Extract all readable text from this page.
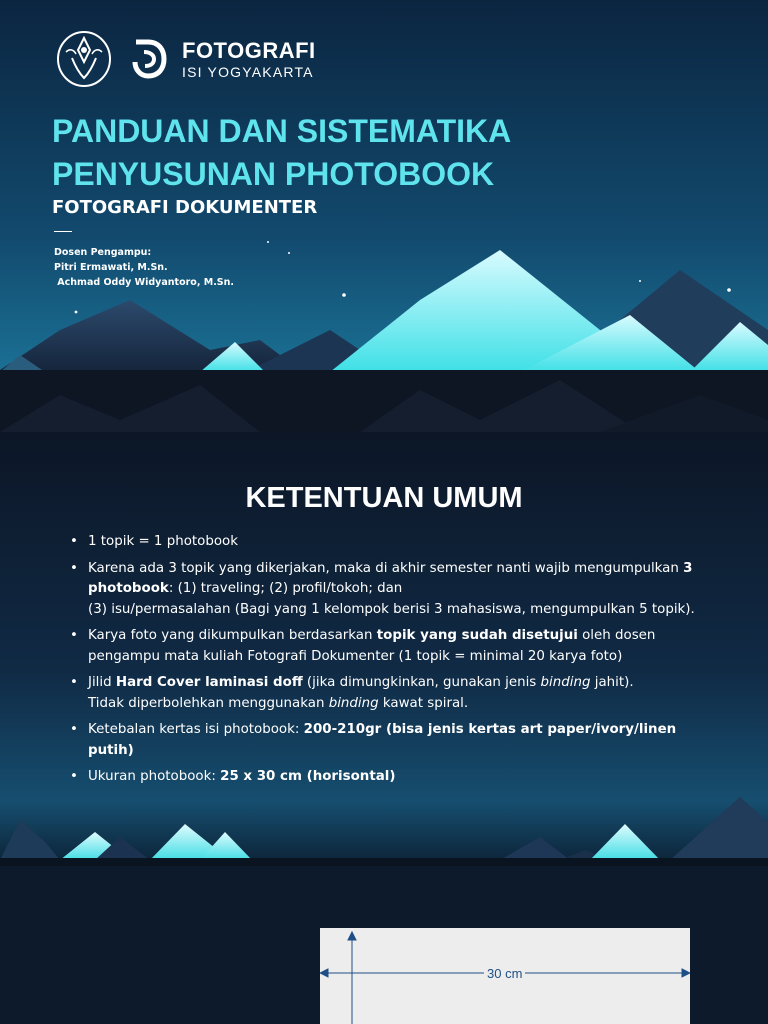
FOTOGRAFI
ISI YOGYAKARTA
PANDUAN DAN SISTEMATIKA
PENYUSUNAN PHOTOBOOK
FOTOGRAFI DOKUMENTER
Dosen Pengampu:
Pitri Ermawati, M.Sn.
Achmad Oddy Widyantoro, M.Sn.
KETENTUAN UMUM
• 1 topik = 1 photobook
• Karena ada 3 topik yang dikerjakan, maka di akhir semester nanti wajib mengumpulkan 3 photobook: (1) traveling; (2) profil/tokoh; dan
(3) isu/permasalahan (Bagi yang 1 kelompok berisi 3 mahasiswa, mengumpulkan 5 topik).
• Karya foto yang dikumpulkan berdasarkan topik yang sudah disetujui oleh dosen pengampu mata kuliah Fotografi Dokumenter (1 topik = minimal 20 karya foto)
• Jilid Hard Cover laminasi doff (jika dimungkinkan, gunakan jenis binding jahit).
Tidak diperbolehkan menggunakan binding kawat spiral.
• Ketebalan kertas isi photobook: 200-210gr (bisa jenis kertas art paper/ivory/linen putih)
• Ukuran photobook: 25 x 30 cm (horisontal)
30 cm
